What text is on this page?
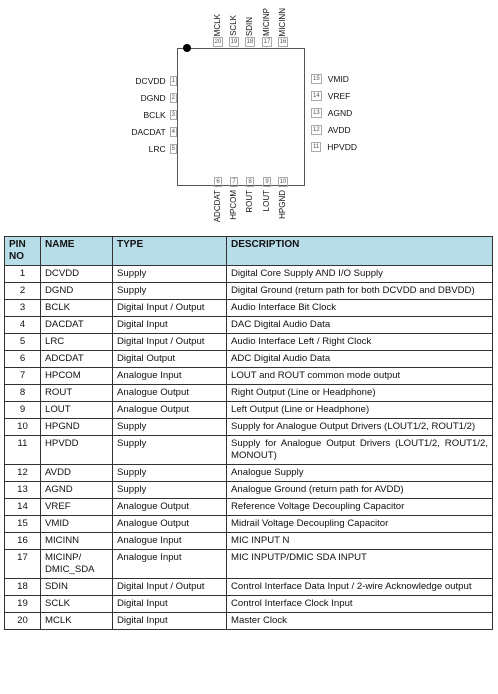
DCVDD	1
DGND	2
BCLK	3
DACDAT	4
LRC	5
15 VMID
14 VREF
13 AGND
12 AVDD
11 HPVDD
MCLK
20
SCLK
19
SDIN
18
MICINP
17
MICINN
16
6
ADCDAT
7
HPCOM
8
ROUT
9
LOUT
10
HPGND
PIN NO	NAME	TYPE	DESCRIPTION
1	DCVDD	Supply	Digital Core Supply AND I/O Supply
2	DGND	Supply	Digital Ground (return path for both DCVDD and DBVDD)
3	BCLK	Digital Input / Output	Audio Interface Bit Clock
4	DACDAT	Digital Input	DAC Digital Audio Data
5	LRC	Digital Input / Output	Audio Interface Left / Right Clock
6	ADCDAT	Digital Output	ADC Digital Audio Data
7	HPCOM	Analogue Input	LOUT and ROUT common mode output
8	ROUT	Analogue Output	Right Output (Line or Headphone)
9	LOUT	Analogue Output	Left Output (Line or Headphone)
10	HPGND	Supply	Supply for Analogue Output Drivers (LOUT1/2, ROUT1/2)
11	HPVDD	Supply	Supply for Analogue Output Drivers (LOUT1/2, ROUT1/2, MONOUT)
12	AVDD	Supply	Analogue Supply
13	AGND	Supply	Analogue Ground (return path for AVDD)
14	VREF	Analogue Output	Reference Voltage Decoupling Capacitor
15	VMID	Analogue Output	Midrail Voltage Decoupling Capacitor
16	MICINN	Analogue Input	MIC INPUT N
17	MICINP/ DMIC_SDA	Analogue Input	MIC INPUTP/DMIC SDA INPUT
18	SDIN	Digital Input / Output	Control Interface Data Input / 2-wire Acknowledge output
19	SCLK	Digital Input	Control Interface Clock Input
20	MCLK	Digital Input	Master Clock
